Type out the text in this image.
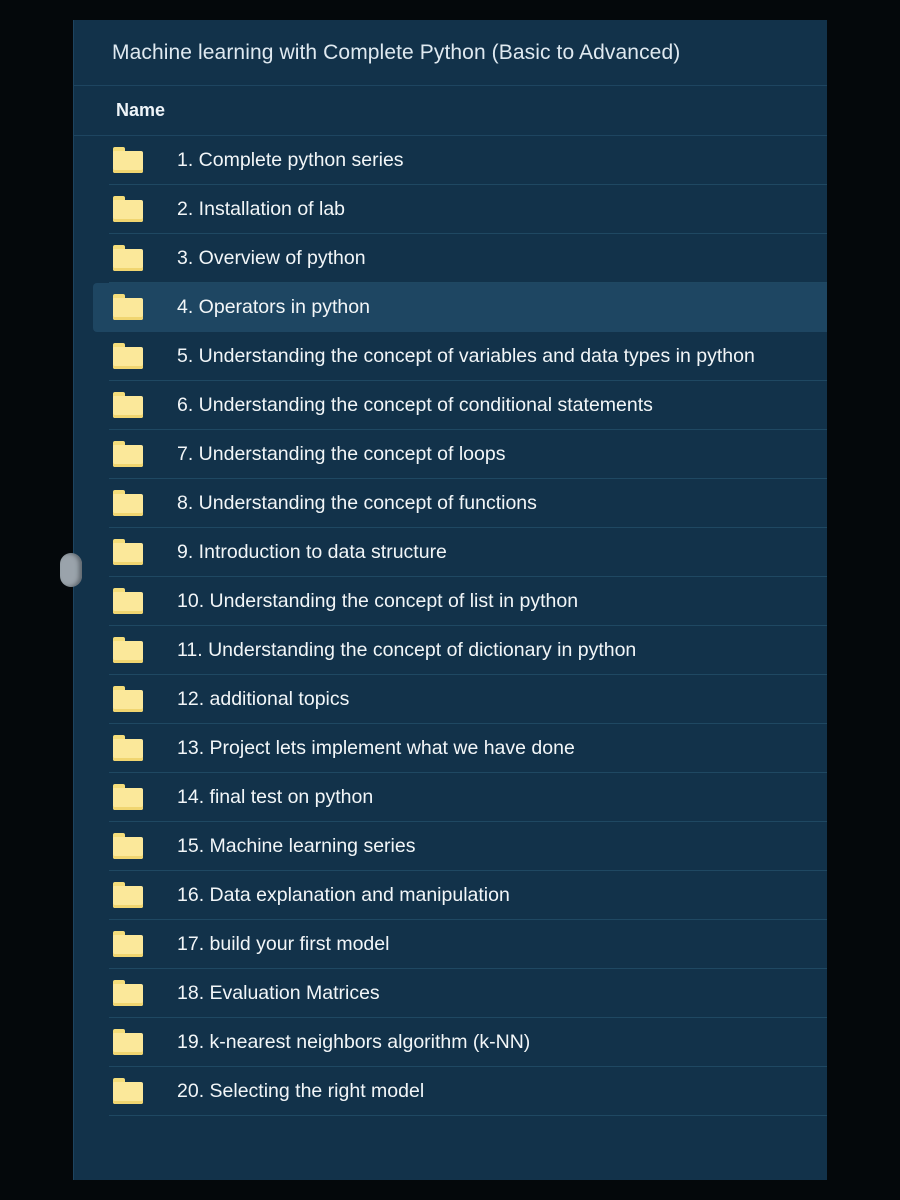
Machine learning with Complete Python (Basic to Advanced)
Name
1. Complete python series
2. Installation of lab
3. Overview of python
4. Operators in python
5. Understanding the concept of variables and data types in python
6. Understanding the concept of conditional statements
7. Understanding the concept of loops
8. Understanding the concept of functions
9. Introduction to data structure
10. Understanding the concept of list in python
11. Understanding the concept of dictionary in python
12. additional topics
13. Project lets implement what we have done
14. final test on python
15. Machine learning series
16. Data explanation and manipulation
17. build your first model
18. Evaluation Matrices
19. k-nearest neighbors algorithm (k-NN)
20. Selecting the right model
